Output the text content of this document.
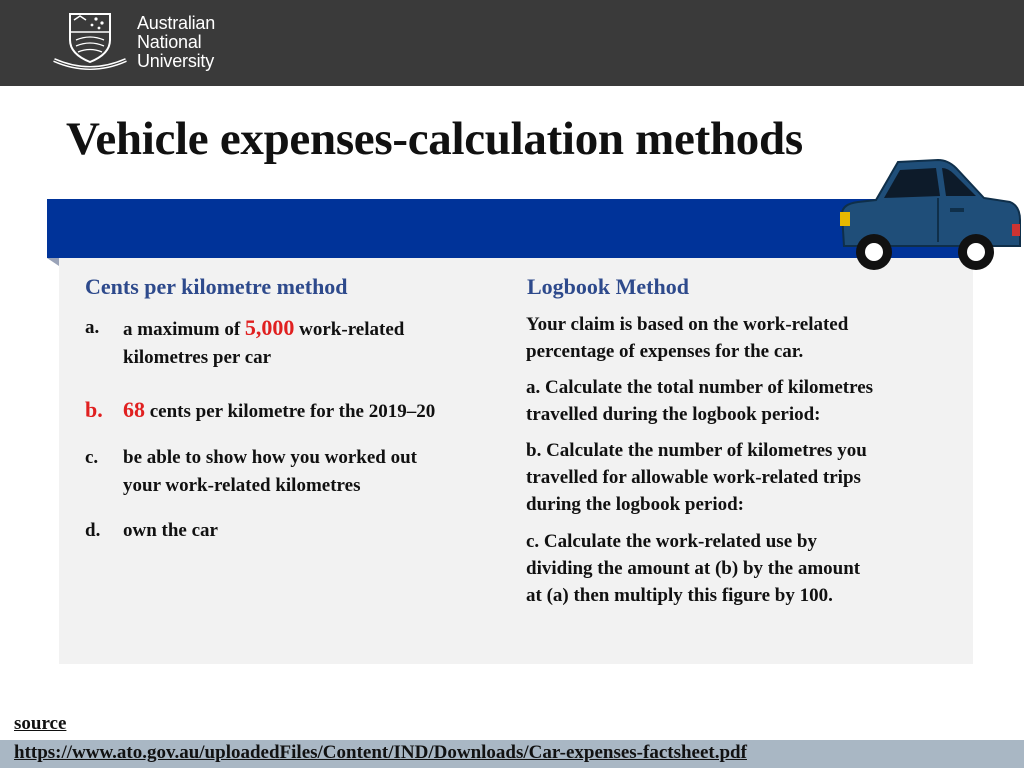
Australian
National
University
Vehicle expenses-calculation methods
Cents per kilometre method
a. a maximum of 5,000 work-related
kilometres per car
b. 68 cents per kilometre for the 2019–20
c. be able to show how you worked out
your work-related kilometres
d. own the car
Logbook Method
Your claim is based on the work-related
percentage of expenses for the car.
a. Calculate the total number of kilometres
travelled during the logbook period:
b. Calculate the number of kilometres you
travelled for allowable work-related trips
during the logbook period:
c. Calculate the work-related use by
dividing the amount at (b) by the amount
at (a) then multiply this figure by 100.
source
https://www.ato.gov.au/uploadedFiles/Content/IND/Downloads/Car-expenses-factsheet.pdf
